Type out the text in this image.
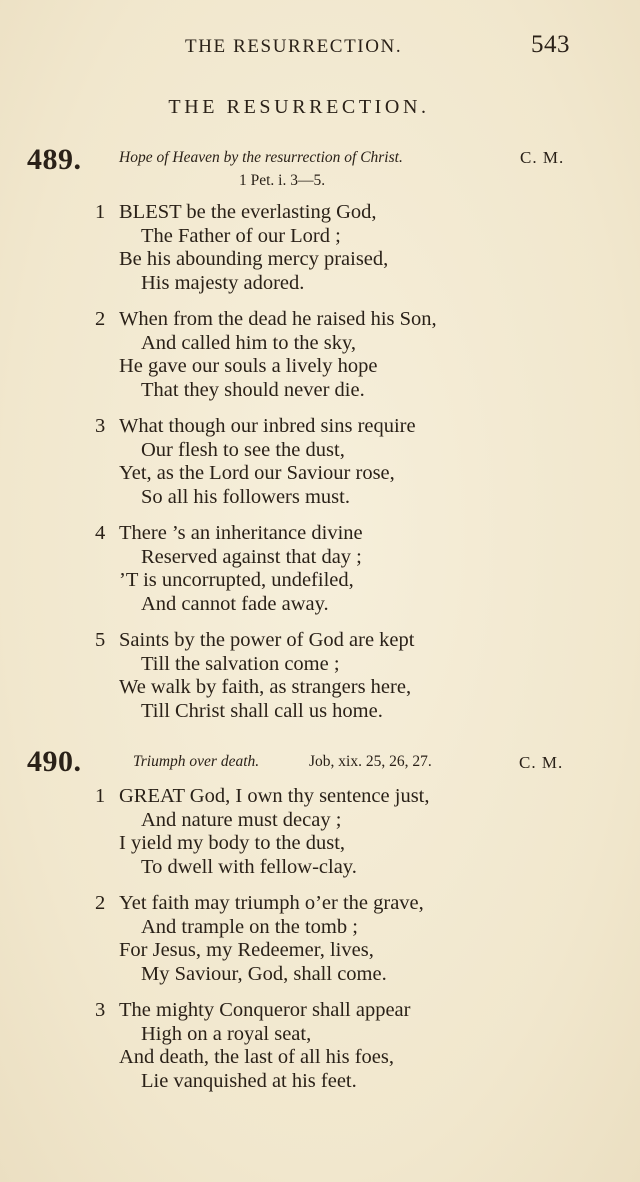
THE RESURRECTION.	543
THE RESURRECTION.
489. Hope of Heaven by the resurrection of Christ.	C. M.
1 Pet. i. 3—5.
1 BLEST be the everlasting God,
The Father of our Lord ;
Be his abounding mercy praised,
His majesty adored.
2 When from the dead he raised his Son,
And called him to the sky,
He gave our souls a lively hope
That they should never die.
3 What though our inbred sins require
Our flesh to see the dust,
Yet, as the Lord our Saviour rose,
So all his followers must.
4 There ’s an inheritance divine
Reserved against that day ;
’T is uncorrupted, undefiled,
And cannot fade away.
5 Saints by the power of God are kept
Till the salvation come ;
We walk by faith, as strangers here,
Till Christ shall call us home.
490.	Triumph over death.	Job, xix. 25, 26, 27.	C. M.
1 GREAT God, I own thy sentence just,
And nature must decay ;
I yield my body to the dust,
To dwell with fellow-clay.
2 Yet faith may triumph o’er the grave,
And trample on the tomb ;
For Jesus, my Redeemer, lives,
My Saviour, God, shall come.
3 The mighty Conqueror shall appear
High on a royal seat,
And death, the last of all his foes,
Lie vanquished at his feet.
